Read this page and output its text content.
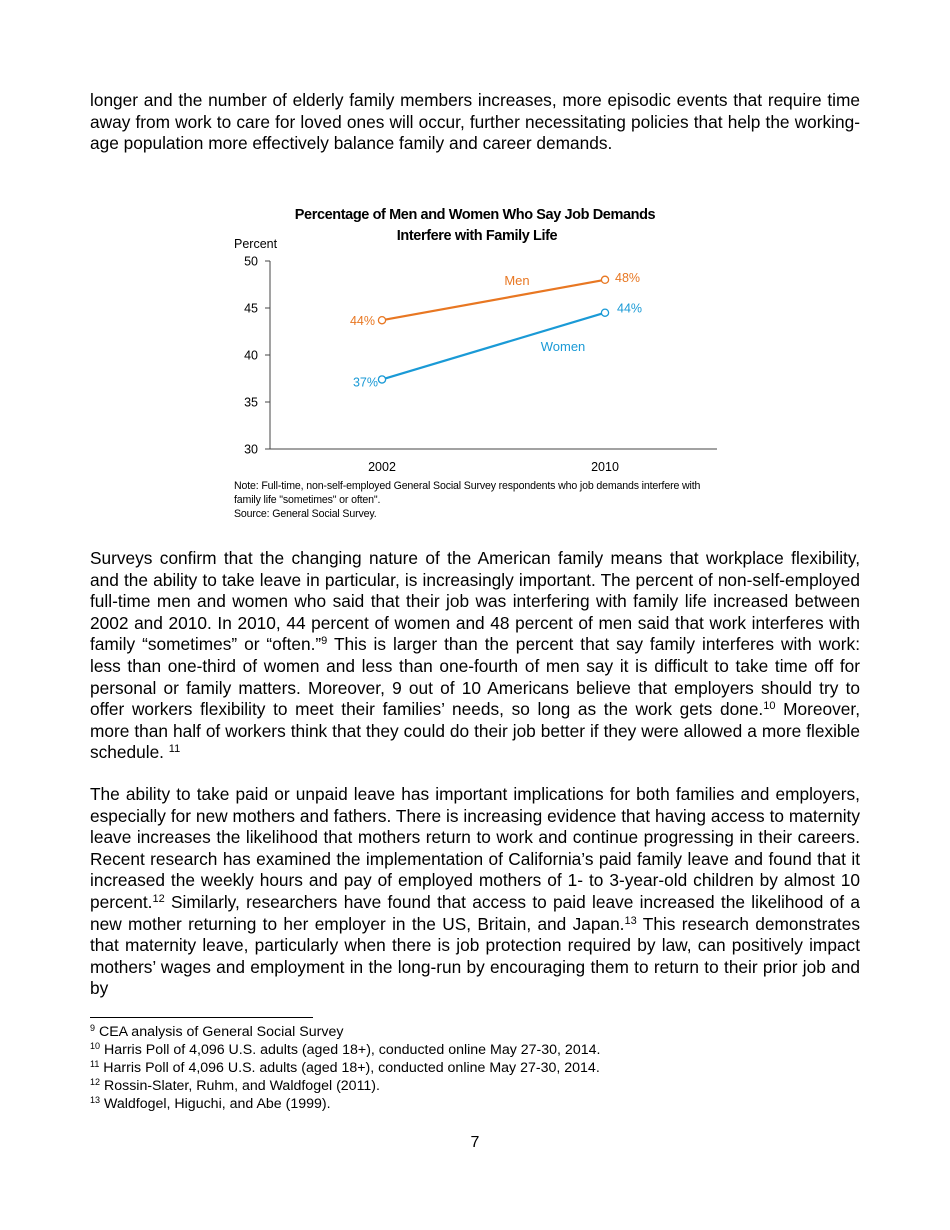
longer and the number of elderly family members increases, more episodic events that require time away from work to care for loved ones will occur, further necessitating policies that help the working-age population more effectively balance family and career demands.

Percentage of Men and Women Who Say Job Demands
Interfere with Family Life
Percent
30
35
40
45
50
2002	2010
44%
48%
Men
37%
44%
Women

Note: Full-time, non-self-employed General Social Survey respondents who job demands interfere with family life "sometimes" or often".

Source: General Social Survey.

Surveys confirm that the changing nature of the American family means that workplace flexibility, and the ability to take leave in particular, is increasingly important. The percent of non-self-employed full-time men and women who said that their job was interfering with family life increased between 2002 and 2010. In 2010, 44 percent of women and 48 percent of men said that work interferes with family “sometimes” or “often.”$^9$ This is larger than the percent that say family interferes with work: less than one-third of women and less than one-fourth of men say it is difficult to take time off for personal or family matters. Moreover, 9 out of 10 Americans believe that employers should try to offer workers flexibility to meet their families’ needs, so long as the work gets done.$^{10}$ Moreover, more than half of workers think that they could do their job better if they were allowed a more flexible schedule. $^{11}$

The ability to take paid or unpaid leave has important implications for both families and employers, especially for new mothers and fathers. There is increasing evidence that having access to maternity leave increases the likelihood that mothers return to work and continue progressing in their careers. Recent research has examined the implementation of California’s paid family leave and found that it increased the weekly hours and pay of employed mothers of 1- to 3-year-old children by almost 10 percent.$^{12}$ Similarly, researchers have found that access to paid leave increased the likelihood of a new mother returning to her employer in the US, Britain, and Japan.$^{13}$ This research demonstrates that maternity leave, particularly when there is job protection required by law, can positively impact mothers’ wages and employment in the long-run by encouraging them to return to their prior job and by

$^9$ CEA analysis of General Social Survey
$^{10}$ Harris Poll of 4,096 U.S. adults (aged 18+), conducted online May 27-30, 2014.
$^{11}$ Harris Poll of 4,096 U.S. adults (aged 18+), conducted online May 27-30, 2014.
$^{12}$ Rossin-Slater, Ruhm, and Waldfogel (2011).
$^{13}$ Waldfogel, Higuchi, and Abe (1999).
7
